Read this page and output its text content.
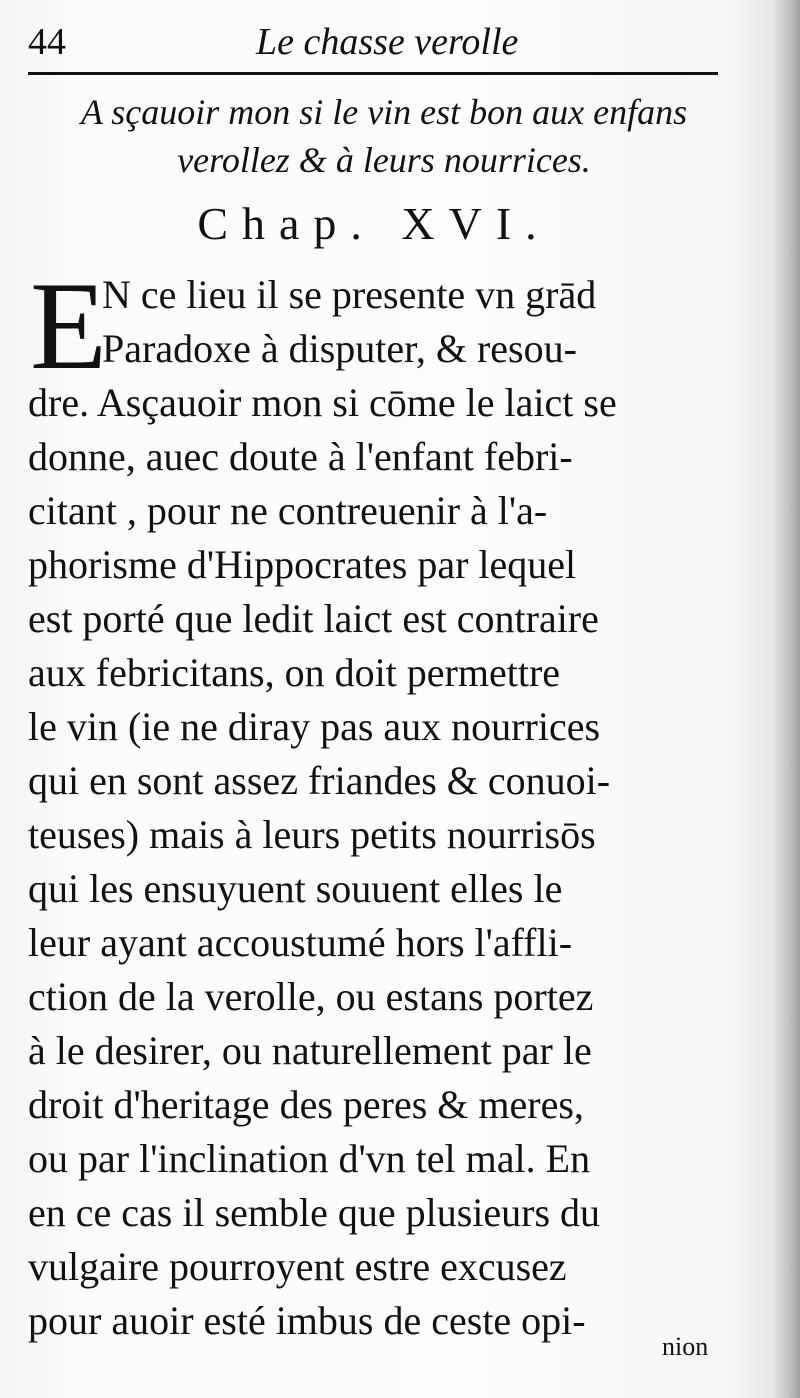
44	Le chasse verolle
A sçauoir mon si le vin est bon aux enfans
verollez & à leurs nourrices.
Chap. XVI.
E
N ce lieu il se presente vn grād
Paradoxe à disputer, & resou-
dre. Asçauoir mon si cōme le laict se
donne, auec doute à l'enfant febri-
citant , pour ne contreuenir à l'a-
phorisme d'Hippocrates par lequel
est porté que ledit laict est contraire
aux febricitans, on doit permettre
le vin (ie ne diray pas aux nourrices
qui en sont assez friandes & conuoi-
teuses) mais à leurs petits nourrisōs
qui les ensuyuent souuent elles le
leur ayant accoustumé hors l'affli-
ction de la verolle, ou estans portez
à le desirer, ou naturellement par le
droit d'heritage des peres & meres,
ou par l'inclination d'vn tel mal. En
en ce cas il semble que plusieurs du
vulgaire pourroyent estre excusez
pour auoir esté imbus de ceste opi-
nion
